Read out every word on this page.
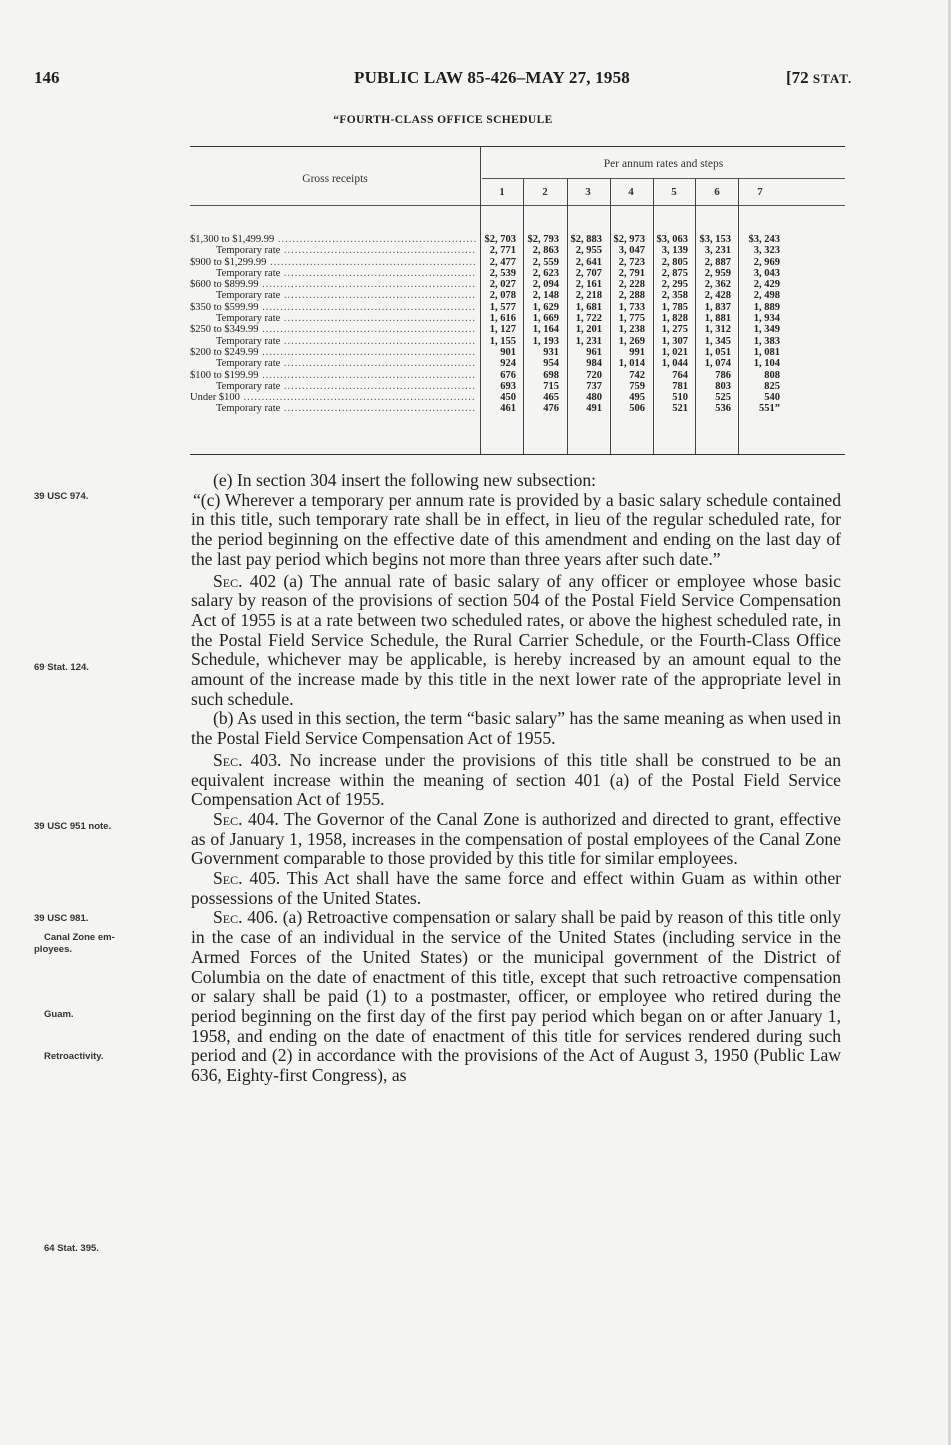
146	PUBLIC LAW 85-426–MAY 27, 1958	[72 STAT.
“FOURTH-CLASS OFFICE SCHEDULE
Gross receipts
Per annum rates and steps
1	2	3	4	5	6	7
$1,300 to $1,499.99 .....	$2, 703	$2, 793	$2, 883	$2, 973	$3, 063	$3, 153	$3, 243
Temporary rate .....	2, 771	2, 863	2, 955	3, 047	3, 139	3, 231	3, 323
$900 to $1,299.99 .....	2, 477	2, 559	2, 641	2, 723	2, 805	2, 887	2, 969
Temporary rate .....	2, 539	2, 623	2, 707	2, 791	2, 875	2, 959	3, 043
$600 to $899.99 .....	2, 027	2, 094	2, 161	2, 228	2, 295	2, 362	2, 429
Temporary rate .....	2, 078	2, 148	2, 218	2, 288	2, 358	2, 428	2, 498
$350 to $599.99 .....	1, 577	1, 629	1, 681	1, 733	1, 785	1, 837	1, 889
Temporary rate .....	1, 616	1, 669	1, 722	1, 775	1, 828	1, 881	1, 934
$250 to $349.99 .....	1, 127	1, 164	1, 201	1, 238	1, 275	1, 312	1, 349
Temporary rate .....	1, 155	1, 193	1, 231	1, 269	1, 307	1, 345	1, 383
$200 to $249.99 .....	901	931	961	991	1, 021	1, 051	1, 081
Temporary rate .....	924	954	984	1, 014	1, 044	1, 074	1, 104
$100 to $199.99 .....	676	698	720	742	764	786	808
Temporary rate .....	693	715	737	759	781	803	825
Under $100 .....	450	465	480	495	510	525	540
Temporary rate .....	461	476	491	506	521	536	551”
39 USC 974.
69 Stat. 124.
39 USC 951 note.
39 USC 981.
Canal Zone em-
ployees.
Guam.
Retroactivity.
64 Stat. 395.

(e) In section 304 insert the following new subsection:

“(c) Wherever a temporary per annum rate is provided by a basic salary schedule contained in this title, such temporary rate shall be in effect, in lieu of the regular scheduled rate, for the period beginning on the effective date of this amendment and ending on the last day of the last pay period which begins not more than three years after such date.”

Sec. 402 (a) The annual rate of basic salary of any officer or employee whose basic salary by reason of the provisions of section 504 of the Postal Field Service Compensation Act of 1955 is at a rate between two scheduled rates, or above the highest scheduled rate, in the Postal Field Service Schedule, the Rural Carrier Schedule, or the Fourth-Class Office Schedule, whichever may be applicable, is hereby increased by an amount equal to the amount of the increase made by this title in the next lower rate of the appropriate level in such schedule.

(b) As used in this section, the term “basic salary” has the same meaning as when used in the Postal Field Service Compensation Act of 1955.

Sec. 403. No increase under the provisions of this title shall be construed to be an equivalent increase within the meaning of section 401 (a) of the Postal Field Service Compensation Act of 1955.

Sec. 404. The Governor of the Canal Zone is authorized and directed to grant, effective as of January 1, 1958, increases in the compensation of postal employees of the Canal Zone Government comparable to those provided by this title for similar employees.

Sec. 405. This Act shall have the same force and effect within Guam as within other possessions of the United States.

Sec. 406. (a) Retroactive compensation or salary shall be paid by reason of this title only in the case of an individual in the service of the United States (including service in the Armed Forces of the United States) or the municipal government of the District of Columbia on the date of enactment of this title, except that such retroactive compensation or salary shall be paid (1) to a postmaster, officer, or employee who retired during the period beginning on the first day of the first pay period which began on or after January 1, 1958, and ending on the date of enactment of this title for services rendered during such period and (2) in accordance with the provisions of the Act of August 3, 1950 (Public Law 636, Eighty-first Congress), as
